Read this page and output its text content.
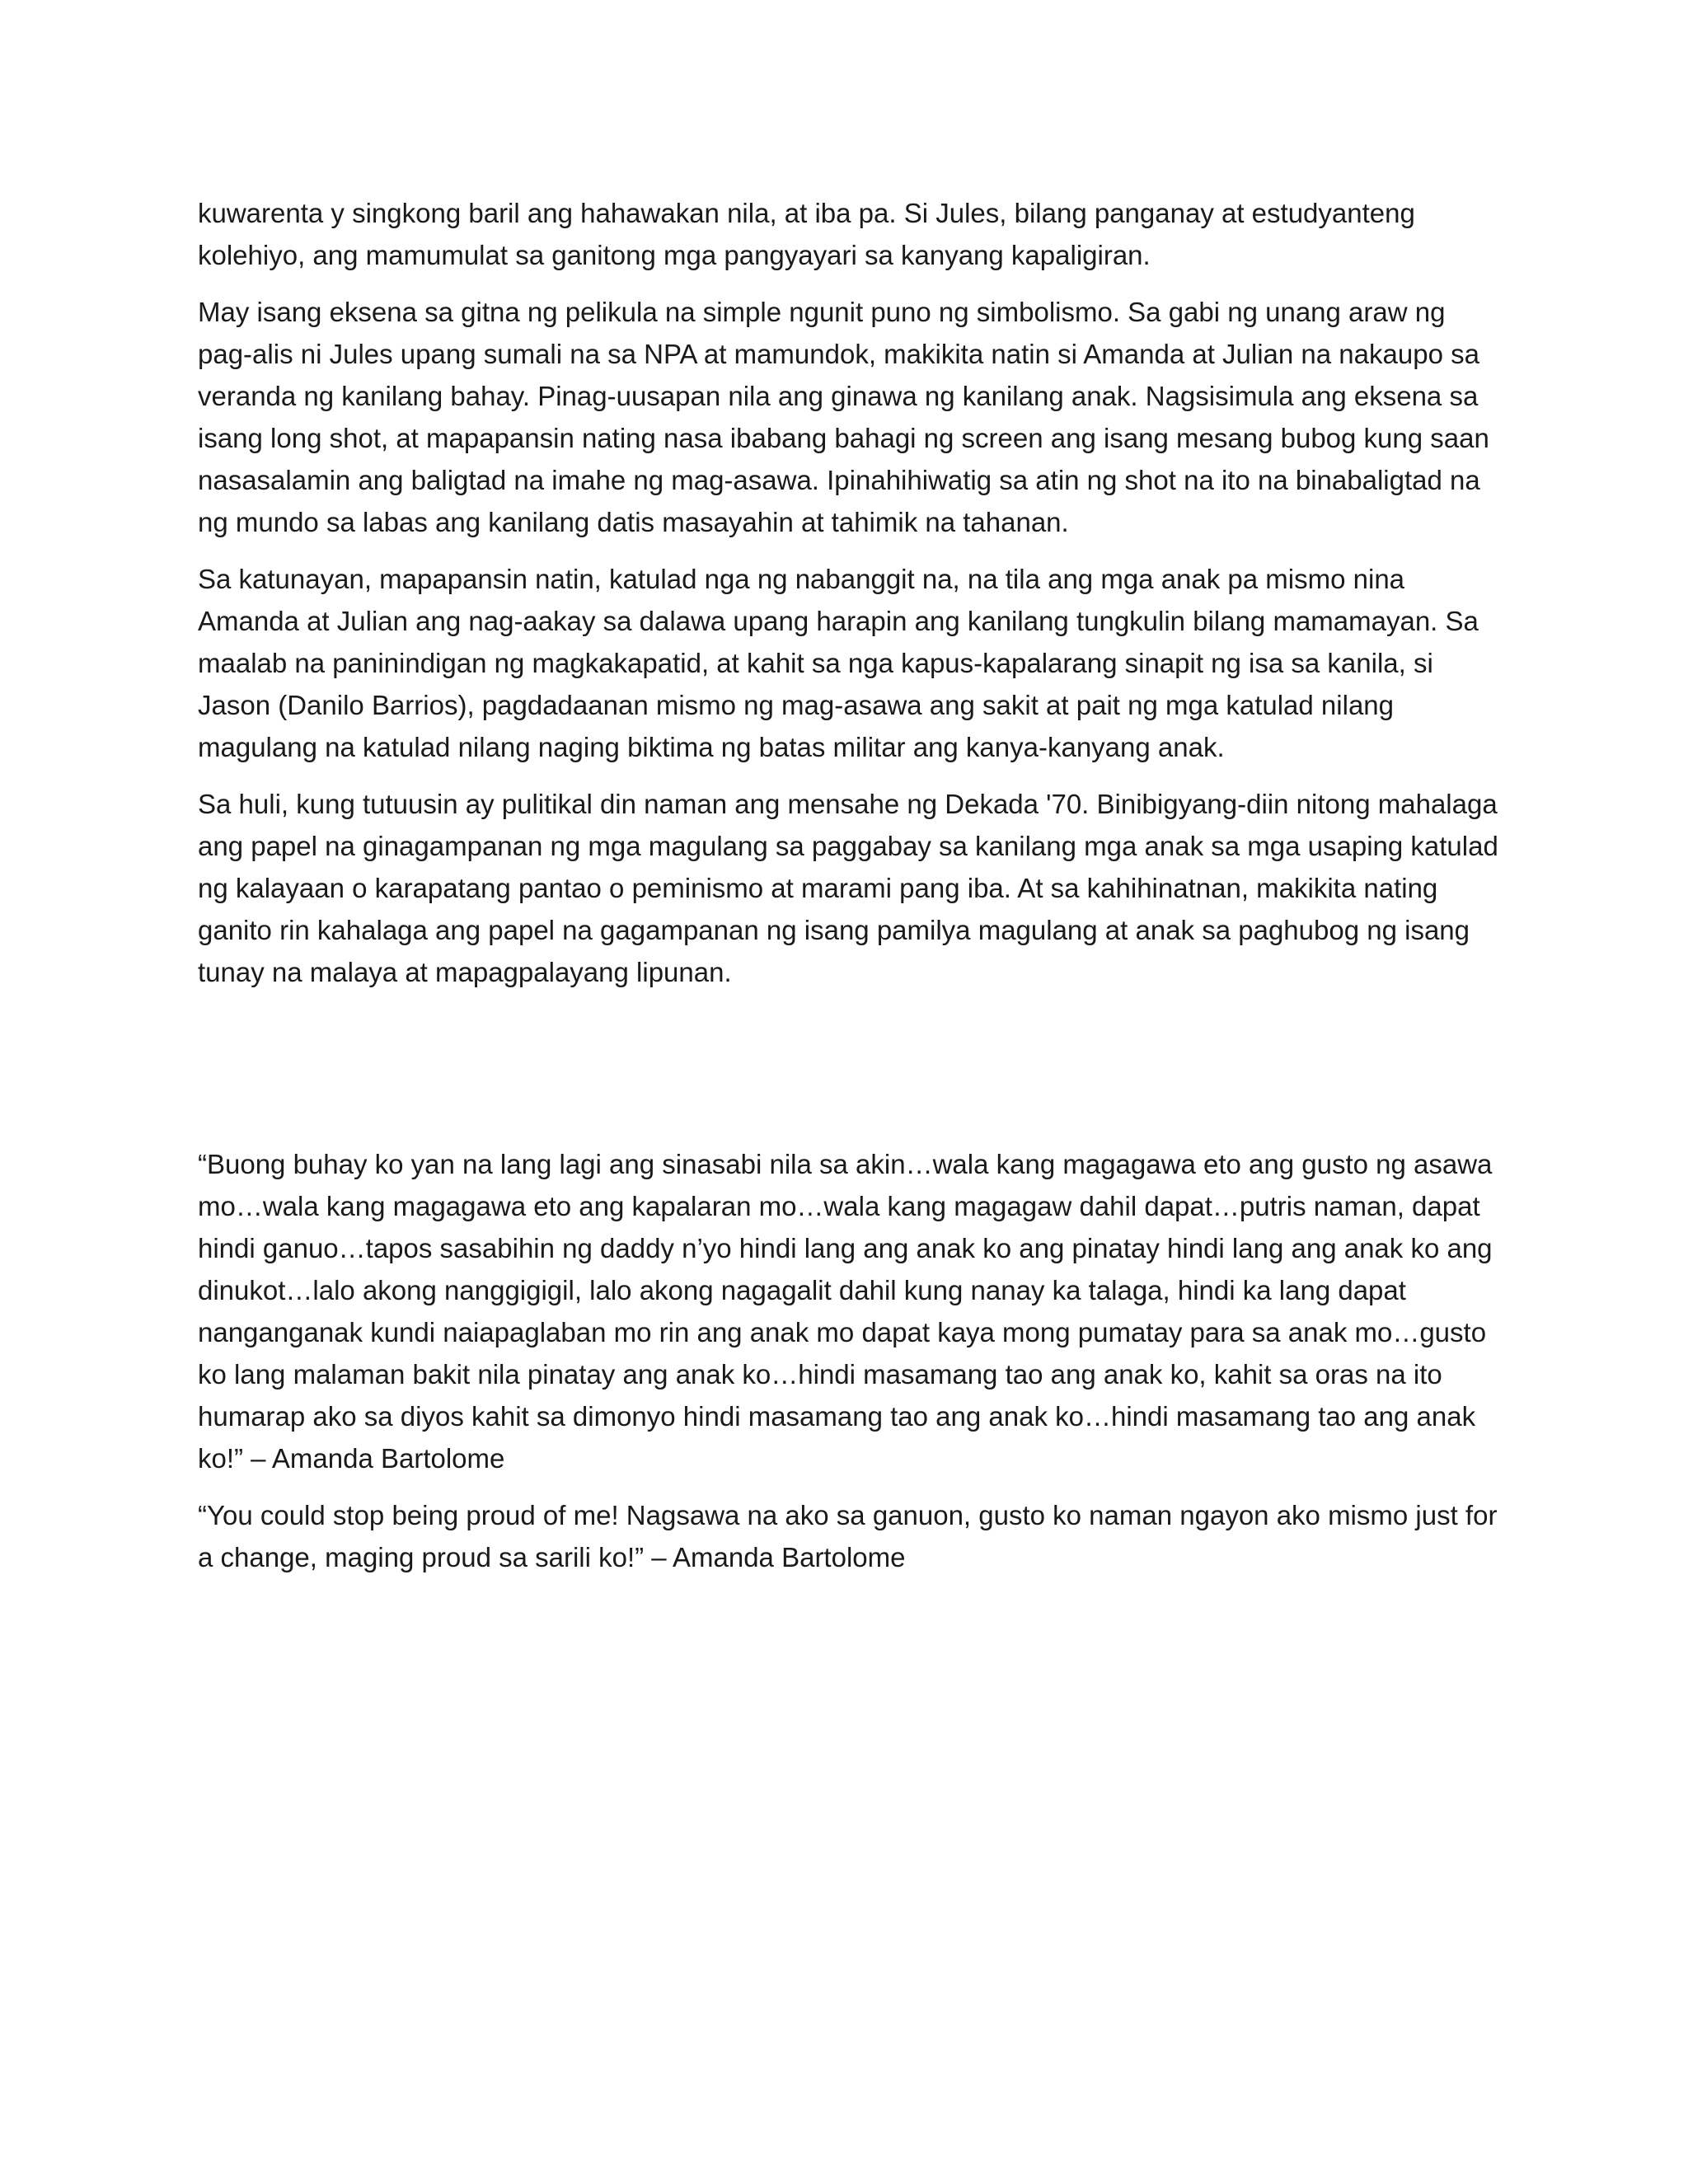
kuwarenta y singkong baril ang hahawakan nila, at iba pa. Si Jules, bilang panganay at estudyanteng kolehiyo, ang mamumulat sa ganitong mga pangyayari sa kanyang kapaligiran.

May isang eksena sa gitna ng pelikula na simple ngunit puno ng simbolismo. Sa gabi ng unang araw ng pag-alis ni Jules upang sumali na sa NPA at mamundok, makikita natin si Amanda at Julian na nakaupo sa veranda ng kanilang bahay. Pinag-uusapan nila ang ginawa ng kanilang anak. Nagsisimula ang eksena sa isang long shot, at mapapansin nating nasa ibabang bahagi ng screen ang isang mesang bubog kung saan nasasalamin ang baligtad na imahe ng mag-asawa. Ipinahihiwatig sa atin ng shot na ito na binabaligtad na ng mundo sa labas ang kanilang datis masayahin at tahimik na tahanan.

Sa katunayan, mapapansin natin, katulad nga ng nabanggit na, na tila ang mga anak pa mismo nina Amanda at Julian ang nag-aakay sa dalawa upang harapin ang kanilang tungkulin bilang mamamayan. Sa maalab na paninindigan ng magkakapatid, at kahit sa nga kapus-kapalarang sinapit ng isa sa kanila, si Jason (Danilo Barrios), pagdadaanan mismo ng mag-asawa ang sakit at pait ng mga katulad nilang magulang na katulad nilang naging biktima ng batas militar ang kanya-kanyang anak.

Sa huli, kung tutuusin ay pulitikal din naman ang mensahe ng Dekada '70. Binibigyang-diin nitong mahalaga ang papel na ginagampanan ng mga magulang sa paggabay sa kanilang mga anak sa mga usaping katulad ng kalayaan o karapatang pantao o peminismo at marami pang iba. At sa kahihinatnan, makikita nating ganito rin kahalaga ang papel na gagampanan ng isang pamilya magulang at anak sa paghubog ng isang tunay na malaya at mapagpalayang lipunan.

“Buong buhay ko yan na lang lagi ang sinasabi nila sa akin…wala kang magagawa eto ang gusto ng asawa mo…wala kang magagawa eto ang kapalaran mo…wala kang magagaw dahil dapat…putris naman, dapat hindi ganuo…tapos sasabihin ng daddy n’yo hindi lang ang anak ko ang pinatay hindi lang ang anak ko ang dinukot…lalo akong nanggigigil, lalo akong nagagalit dahil kung nanay ka talaga, hindi ka lang dapat nanganganak kundi naiapaglaban mo rin ang anak mo dapat kaya mong pumatay para sa anak mo…gusto ko lang malaman bakit nila pinatay ang anak ko…hindi masamang tao ang anak ko, kahit sa oras na ito humarap ako sa diyos kahit sa dimonyo hindi masamang tao ang anak ko…hindi masamang tao ang anak ko!” – Amanda Bartolome

“You could stop being proud of me! Nagsawa na ako sa ganuon, gusto ko naman ngayon ako mismo just for a change, maging proud sa sarili ko!” – Amanda Bartolome
